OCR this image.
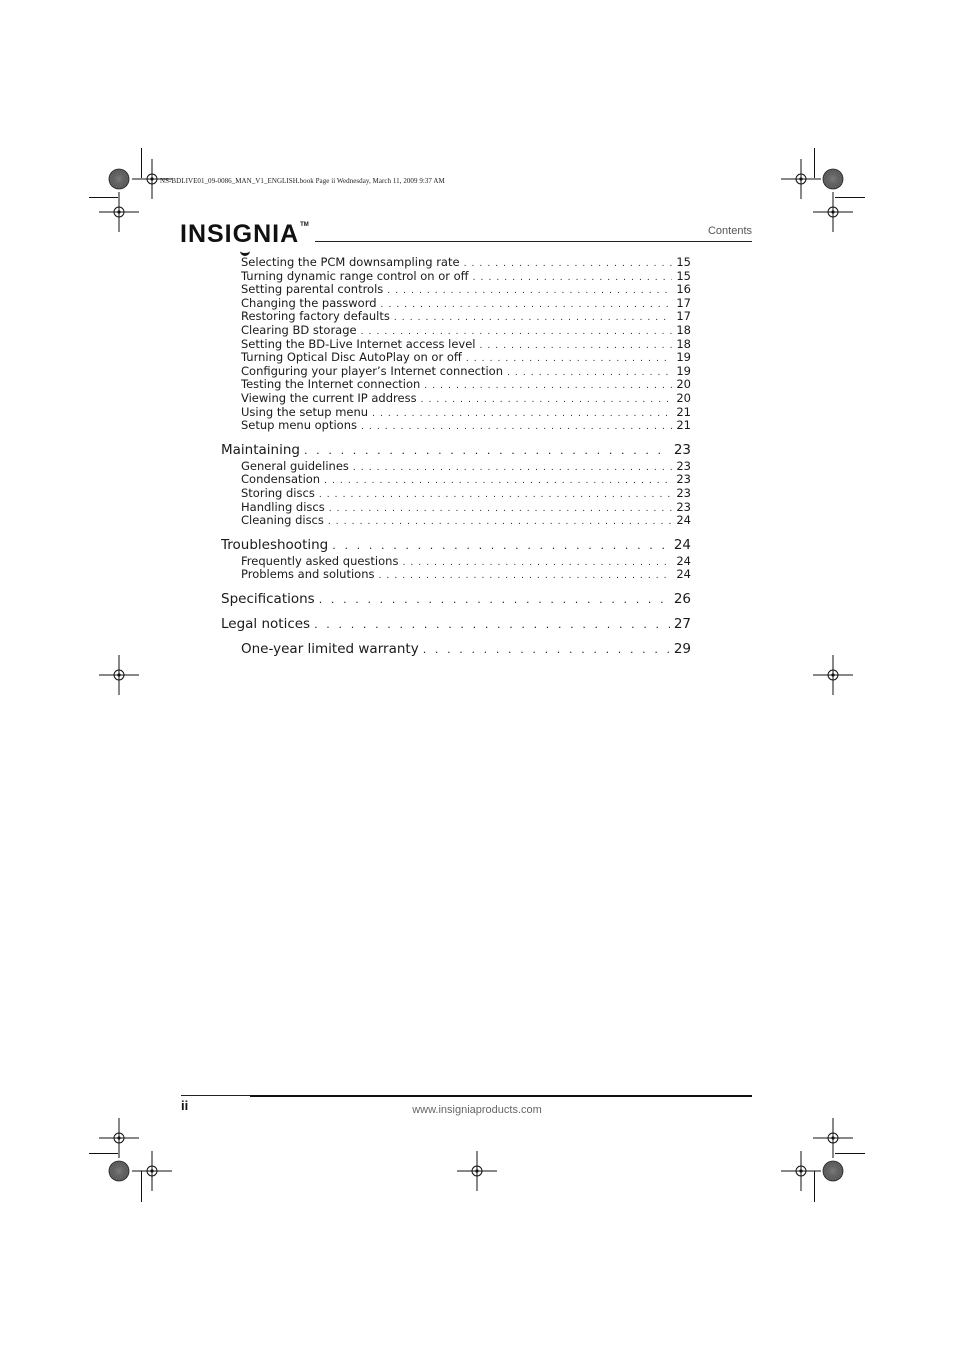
NS-BDLIVE01_09-0086_MAN_V1_ENGLISH.book Page ii Wednesday, March 11, 2009 9:37 AM
INSIGNIA™	Contents
Selecting the PCM downsampling rate . . .	15
Turning dynamic range control on or off . . .	15
Setting parental controls . . .	16
Changing the password . . .	17
Restoring factory defaults . . .	17
Clearing BD storage . . .	18
Setting the BD-Live Internet access level . . .	18
Turning Optical Disc AutoPlay on or off . . .	19
Configuring your player’s Internet connection . . .	19
Testing the Internet connection . . .	20
Viewing the current IP address . . .	20
Using the setup menu . . .	21
Setup menu options . . .	21
Maintaining . . .	23
General guidelines . . .	23
Condensation . . .	23
Storing discs . . .	23
Handling discs . . .	23
Cleaning discs . . .	24
Troubleshooting . . .	24
Frequently asked questions . . .	24
Problems and solutions . . .	24
Specifications . . .	26
Legal notices . . .	27
One-year limited warranty . . .	29
ii	www.insigniaproducts.com
